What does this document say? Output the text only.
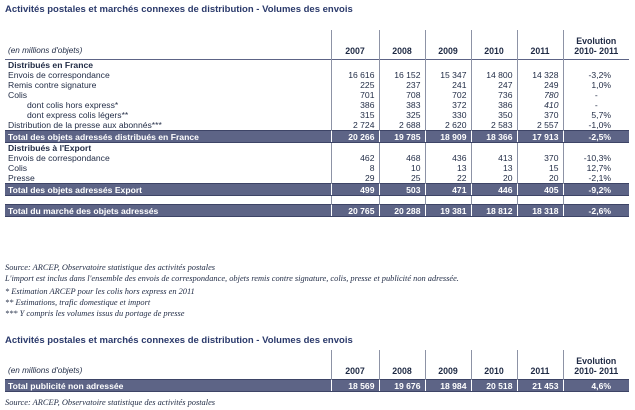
Activités postales et marchés connexes de distribution - Volumes des envois
(en millions d'objets)	2007	2008	2009	2010	2011	Evolution
2010- 2011

Distribués en France						
Envois de correspondance	16 616	16 152	15 347	14 800	14 328	-3,2%
Remis contre signature	225	237	241	247	249	1,0%
Colis	701	708	702	736	780	-
dont colis hors express*	386	383	372	386	410	-
dont express colis légers**	315	325	330	350	370	5,7%
Distribution de la presse aux abonnés***	2 724	2 688	2 620	2 583	2 557	-1,0%
Total des objets adressés distribués en France	20 266	19 785	18 909	18 366	17 913	-2,5%
Distribués à l'Export						
Envois de correspondance	462	468	436	413	370	-10,3%
Colis	8	10	13	13	15	12,7%
Presse	29	25	22	20	20	-2,1%
Total des objets adressés Export	499	503	471	446	405	-9,2%

Total du marché des objets adressés	20 765	20 288	19 381	18 812	18 318	-2,6%
Source: ARCEP, Observatoire statistique des activités postales
L'import est inclus dans l'ensemble des envois de correspondance, objets remis contre signature, colis, presse et publicité non adressée.
* Estimation ARCEP pour les colis hors express en 2011
** Estimations, trafic domestique et import
*** Y compris les volumes issus du portage de presse
Activités postales et marchés connexes de distribution - Volumes des envois
(en millions d'objets)	2007	2008	2009	2010	2011	Evolution
2010- 2011

Total publicité non adressée	18 569	19 676	18 984	20 518	21 453	4,6%
Source: ARCEP, Observatoire statistique des activités postales
